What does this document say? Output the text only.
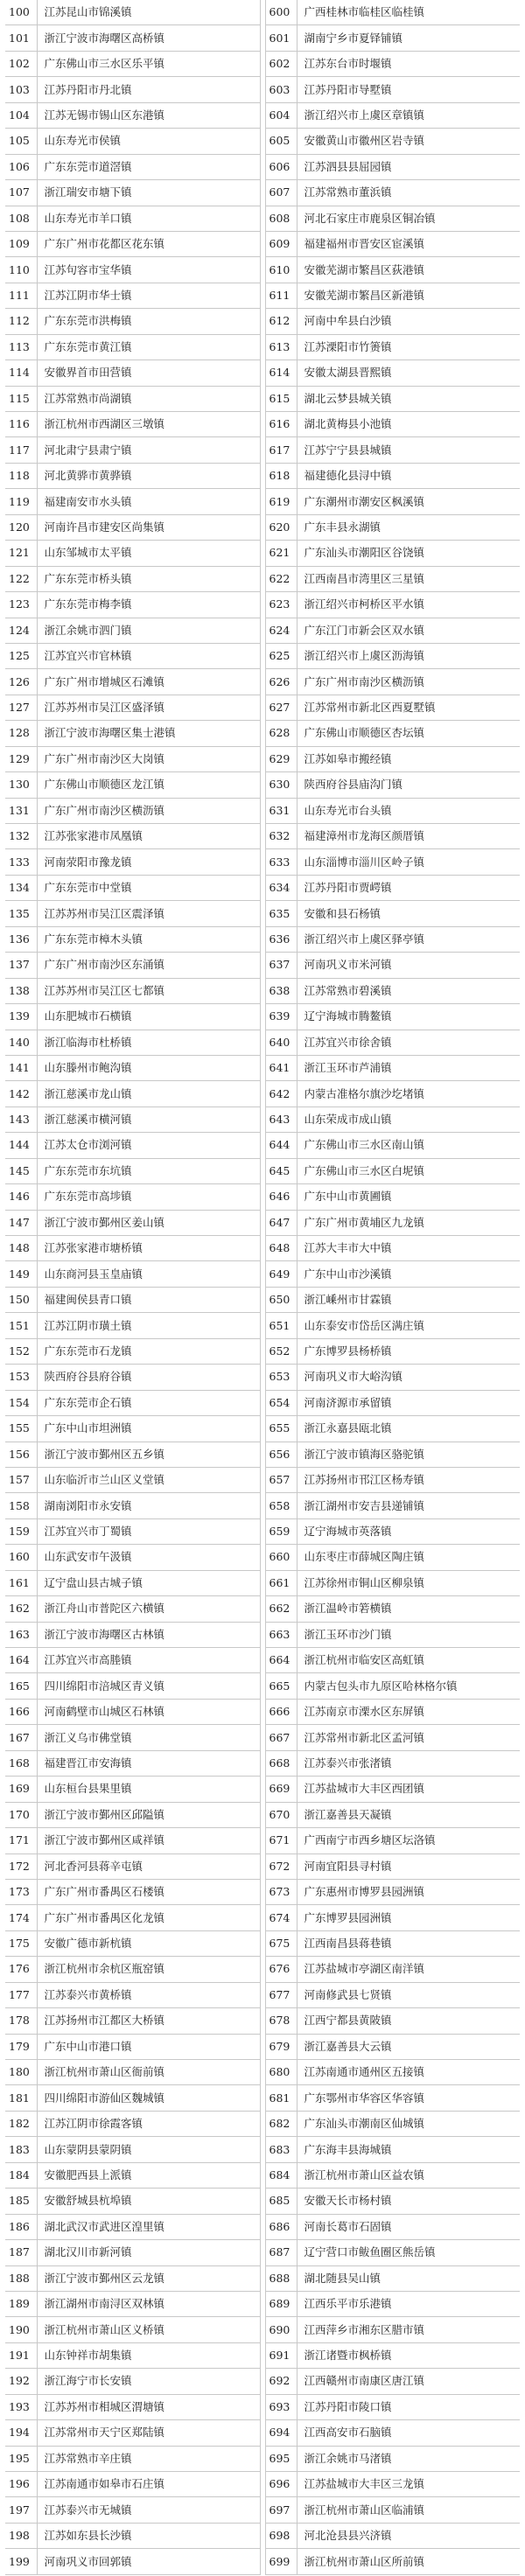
100	江苏昆山市锦溪镇		600	广西桂林市临桂区临桂镇
101	浙江宁波市海曙区高桥镇		601	湖南宁乡市夏铎铺镇
102	广东佛山市三水区乐平镇		602	江苏东台市时堰镇
103	江苏丹阳市丹北镇		603	江苏丹阳市导墅镇
104	江苏无锡市锡山区东港镇		604	浙江绍兴市上虞区章镇镇
105	山东寿光市侯镇		605	安徽黄山市徽州区岩寺镇
106	广东东莞市道滘镇		606	江苏泗县县屈园镇
107	浙江瑞安市塘下镇		607	江苏常熟市董浜镇
108	山东寿光市羊口镇		608	河北石家庄市鹿泉区铜冶镇
109	广东广州市花都区花东镇		609	福建福州市晋安区宦溪镇
110	江苏句容市宝华镇		610	安徽芜湖市繁昌区荻港镇
111	江苏江阴市华士镇		611	安徽芜湖市繁昌区新港镇
112	广东东莞市洪梅镇		612	河南中牟县白沙镇
113	广东东莞市黄江镇		613	江苏溧阳市竹箦镇
114	安徽界首市田营镇		614	安徽太湖县晋熙镇
115	江苏常熟市尚湖镇		615	湖北云梦县城关镇
116	浙江杭州市西湖区三墩镇		616	湖北黄梅县小池镇
117	河北肃宁县肃宁镇		617	江苏宁宁县县城镇
118	河北黄骅市黄骅镇		618	福建德化县浔中镇
119	福建南安市水头镇		619	广东潮州市潮安区枫溪镇
120	河南许昌市建安区尚集镇		620	广东丰县永湖镇
121	山东邹城市太平镇		621	广东汕头市潮阳区谷饶镇
122	广东东莞市桥头镇		622	江西南昌市湾里区三星镇
123	广东东莞市梅李镇		623	浙江绍兴市柯桥区平水镇
124	浙江余姚市泗门镇		624	广东江门市新会区双水镇
125	江苏宜兴市官林镇		625	浙江绍兴市上虞区沥海镇
126	广东广州市增城区石滩镇		626	广东广州市南沙区横沥镇
127	江苏苏州市吴江区盛泽镇		627	江苏常州市新北区西夏墅镇
128	浙江宁波市海曙区集士港镇		628	广东佛山市顺德区杏坛镇
129	广东广州市南沙区大岗镇		629	江苏如皋市搬经镇
130	广东佛山市顺德区龙江镇		630	陕西府谷县庙沟门镇
131	广东广州市南沙区横沥镇		631	山东寿光市台头镇
132	江苏张家港市凤凰镇		632	福建漳州市龙海区颜厝镇
133	河南荥阳市豫龙镇		633	山东淄博市淄川区岭子镇
134	广东东莞市中堂镇		634	江苏丹阳市贾崿镇
135	江苏苏州市吴江区震泽镇		635	安徽和县石杨镇
136	广东东莞市樟木头镇		636	浙江绍兴市上虞区驿亭镇
137	广东广州市南沙区东涌镇		637	河南巩义市米河镇
138	江苏苏州市吴江区七都镇		638	江苏常熟市碧溪镇
139	山东肥城市石横镇		639	辽宁海城市腾鳌镇
140	浙江临海市杜桥镇		640	江苏宜兴市徐舍镇
141	山东滕州市鲍沟镇		641	浙江玉环市芦浦镇
142	浙江慈溪市龙山镇		642	内蒙古准格尔旗沙圪堵镇
143	浙江慈溪市横河镇		643	山东荣成市成山镇
144	江苏太仓市浏河镇		644	广东佛山市三水区南山镇
145	广东东莞市东坑镇		645	广东佛山市三水区白坭镇
146	广东东莞市高埗镇		646	广东中山市黄圃镇
147	浙江宁波市鄞州区姜山镇		647	广东广州市黄埔区九龙镇
148	江苏张家港市塘桥镇		648	江苏大丰市大中镇
149	山东商河县玉皇庙镇		649	广东中山市沙溪镇
150	福建闽侯县青口镇		650	浙江嵊州市甘霖镇
151	江苏江阴市璜土镇		651	山东泰安市岱岳区满庄镇
152	广东东莞市石龙镇		652	广东博罗县杨桥镇
153	陕西府谷县府谷镇		653	河南巩义市大峪沟镇
154	广东东莞市企石镇		654	河南济源市承留镇
155	广东中山市坦洲镇		655	浙江永嘉县瓯北镇
156	浙江宁波市鄞州区五乡镇		656	浙江宁波市镇海区骆驼镇
157	山东临沂市兰山区义堂镇		657	江苏扬州市邗江区杨寿镇
158	湖南浏阳市永安镇		658	浙江湖州市安吉县递铺镇
159	江苏宜兴市丁蜀镇		659	辽宁海城市英落镇
160	山东武安市午汲镇		660	山东枣庄市薛城区陶庄镇
161	辽宁盘山县古城子镇		661	江苏徐州市铜山区柳泉镇
162	浙江舟山市普陀区六横镇		662	浙江温岭市箬横镇
163	浙江宁波市海曙区古林镇		663	浙江玉环市沙门镇
164	江苏宜兴市高塍镇		664	浙江杭州市临安区高虹镇
165	四川绵阳市涪城区青义镇		665	内蒙古包头市九原区哈林格尔镇
166	河南鹤壁市山城区石林镇		666	江苏南京市溧水区东屏镇
167	浙江义乌市佛堂镇		667	江苏常州市新北区孟河镇
168	福建晋江市安海镇		668	江苏泰兴市张渚镇
169	山东桓台县果里镇		669	江苏盐城市大丰区西团镇
170	浙江宁波市鄞州区邱隘镇		670	浙江嘉善县天凝镇
171	浙江宁波市鄞州区咸祥镇		671	广西南宁市西乡塘区坛洛镇
172	河北香河县蒋辛屯镇		672	河南宜阳县寻村镇
173	广东广州市番禺区石楼镇		673	广东惠州市博罗县园洲镇
174	广东广州市番禺区化龙镇		674	广东博罗县园洲镇
175	安徽广德市新杭镇		675	江西南昌县蒋巷镇
176	浙江杭州市余杭区瓶窑镇		676	江苏盐城市亭湖区南洋镇
177	江苏泰兴市黄桥镇		677	河南修武县七贤镇
178	江苏扬州市江都区大桥镇		678	江西宁都县黄陂镇
179	广东中山市港口镇		679	浙江嘉善县大云镇
180	浙江杭州市萧山区衙前镇		680	江苏南通市通州区五接镇
181	四川绵阳市游仙区魏城镇		681	广东鄂州市华容区华容镇
182	江苏江阴市徐霞客镇		682	广东汕头市潮南区仙城镇
183	山东蒙阴县蒙阴镇		683	广东海丰县海城镇
184	安徽肥西县上派镇		684	浙江杭州市萧山区益农镇
185	安徽舒城县杭埠镇		685	安徽天长市杨村镇
186	湖北武汉市武进区湟里镇		686	河南长葛市石固镇
187	湖北汉川市新河镇		687	辽宁营口市鲅鱼圈区熊岳镇
188	浙江宁波市鄞州区云龙镇		688	湖北随县吴山镇
189	浙江湖州市南浔区双林镇		689	江西乐平市乐港镇
190	浙江杭州市萧山区义桥镇		690	江西萍乡市湘东区腊市镇
191	山东钟祥市胡集镇		691	浙江诸暨市枫桥镇
192	浙江海宁市长安镇		692	江西赣州市南康区唐江镇
193	江苏苏州市相城区渭塘镇		693	江苏丹阳市陵口镇
194	江苏常州市天宁区郑陆镇		694	江西高安市石脑镇
195	江苏常熟市辛庄镇		695	浙江余姚市马渚镇
196	江苏南通市如皋市石庄镇		696	江苏盐城市大丰区三龙镇
197	江苏泰兴市无城镇		697	浙江杭州市萧山区临浦镇
198	江苏如东县长沙镇		698	河北沧县县兴济镇
199	河南巩义市回郭镇		699	浙江杭州市萧山区所前镇
